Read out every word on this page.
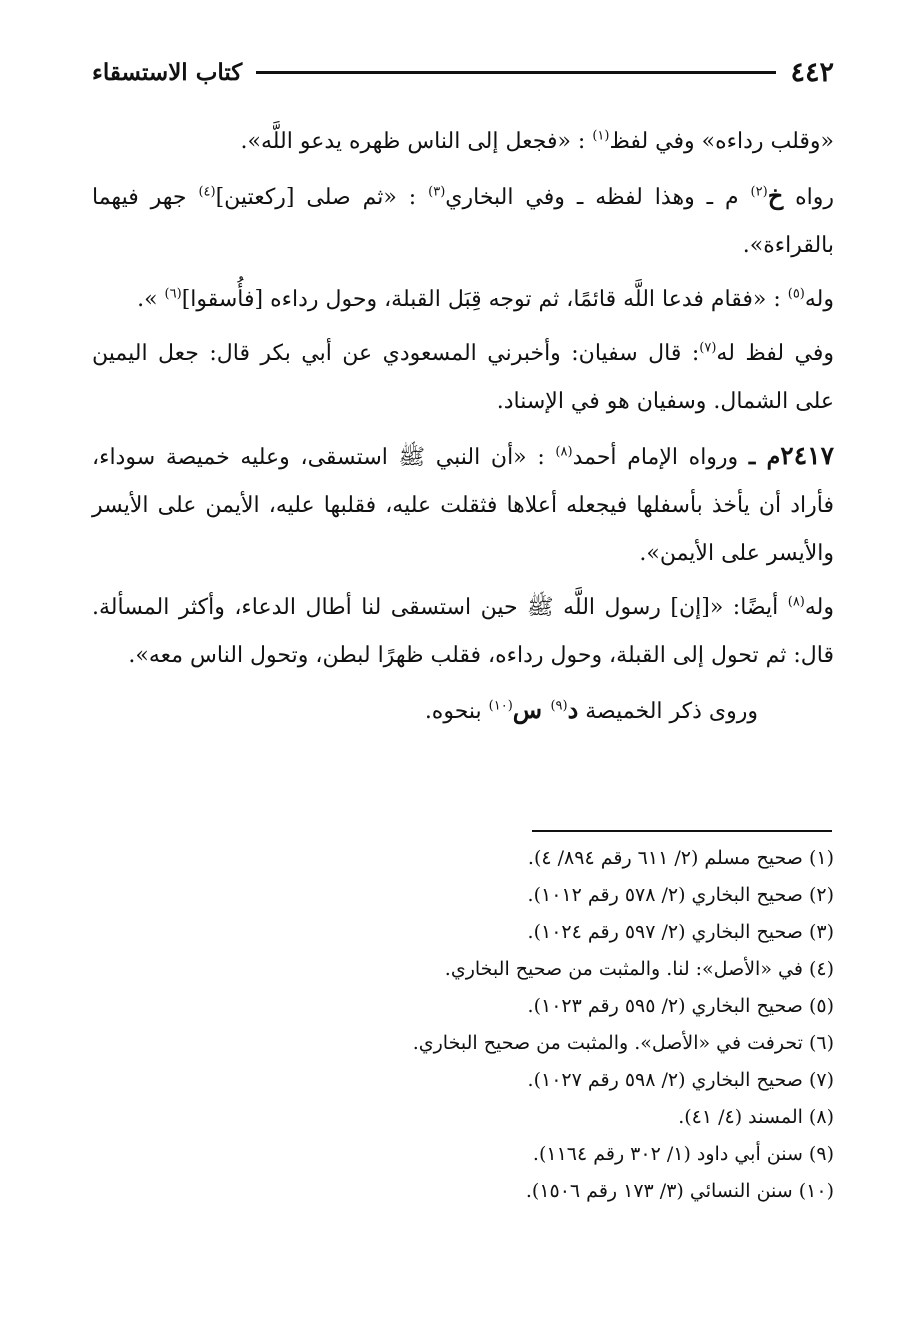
٤٤٢
كتاب الاستسقاء

«وقلب رداءه» وفي لفظ$^{(١)}$ : «فجعل إلى الناس ظهره يدعو اللَّه».

رواه خ$^{(٢)}$ م ـ وهذا لفظه ـ وفي البخاري$^{(٣)}$ : «ثم صلى [ركعتين]$^{(٤)}$ جهر فيهما بالقراءة».

وله$^{(٥)}$ : «فقام فدعا اللَّه قائمًا، ثم توجه قِبَل القبلة، وحول رداءه [فأُسقوا]$^{(٦)}$ ».

وفي لفظ له$^{(٧)}$: قال سفيان: وأخبرني المسعودي عن أبي بكر قال: جعل اليمين على الشمال. وسفيان هو في الإسناد.

٢٤١٧م ـ ورواه الإمام أحمد$^{(٨)}$ : «أن النبي ﷺ استسقى، وعليه خميصة سوداء، فأراد أن يأخذ بأسفلها فيجعله أعلاها فثقلت عليه، فقلبها عليه، الأيمن على الأيسر والأيسر على الأيمن».

وله$^{(٨)}$ أيضًا: «[إن] رسول اللَّه ﷺ حين استسقى لنا أطال الدعاء، وأكثر المسألة. قال: ثم تحول إلى القبلة، وحول رداءه، فقلب ظهرًا لبطن، وتحول الناس معه».

وروى ذكر الخميصة د$^{(٩)}$ س$^{(١٠)}$ بنحوه.

(١) صحيح مسلم (٢/ ٦١١ رقم ٨٩٤/ ٤).
(٢) صحيح البخاري (٢/ ٥٧٨ رقم ١٠١٢).
(٣) صحيح البخاري (٢/ ٥٩٧ رقم ١٠٢٤).
(٤) في «الأصل»: لنا. والمثبت من صحيح البخاري.
(٥) صحيح البخاري (٢/ ٥٩٥ رقم ١٠٢٣).
(٦) تحرفت في «الأصل». والمثبت من صحيح البخاري.
(٧) صحيح البخاري (٢/ ٥٩٨ رقم ١٠٢٧).
(٨) المسند (٤/ ٤١).
(٩) سنن أبي داود (١/ ٣٠٢ رقم ١١٦٤).
(١٠) سنن النسائي (٣/ ١٧٣ رقم ١٥٠٦).
